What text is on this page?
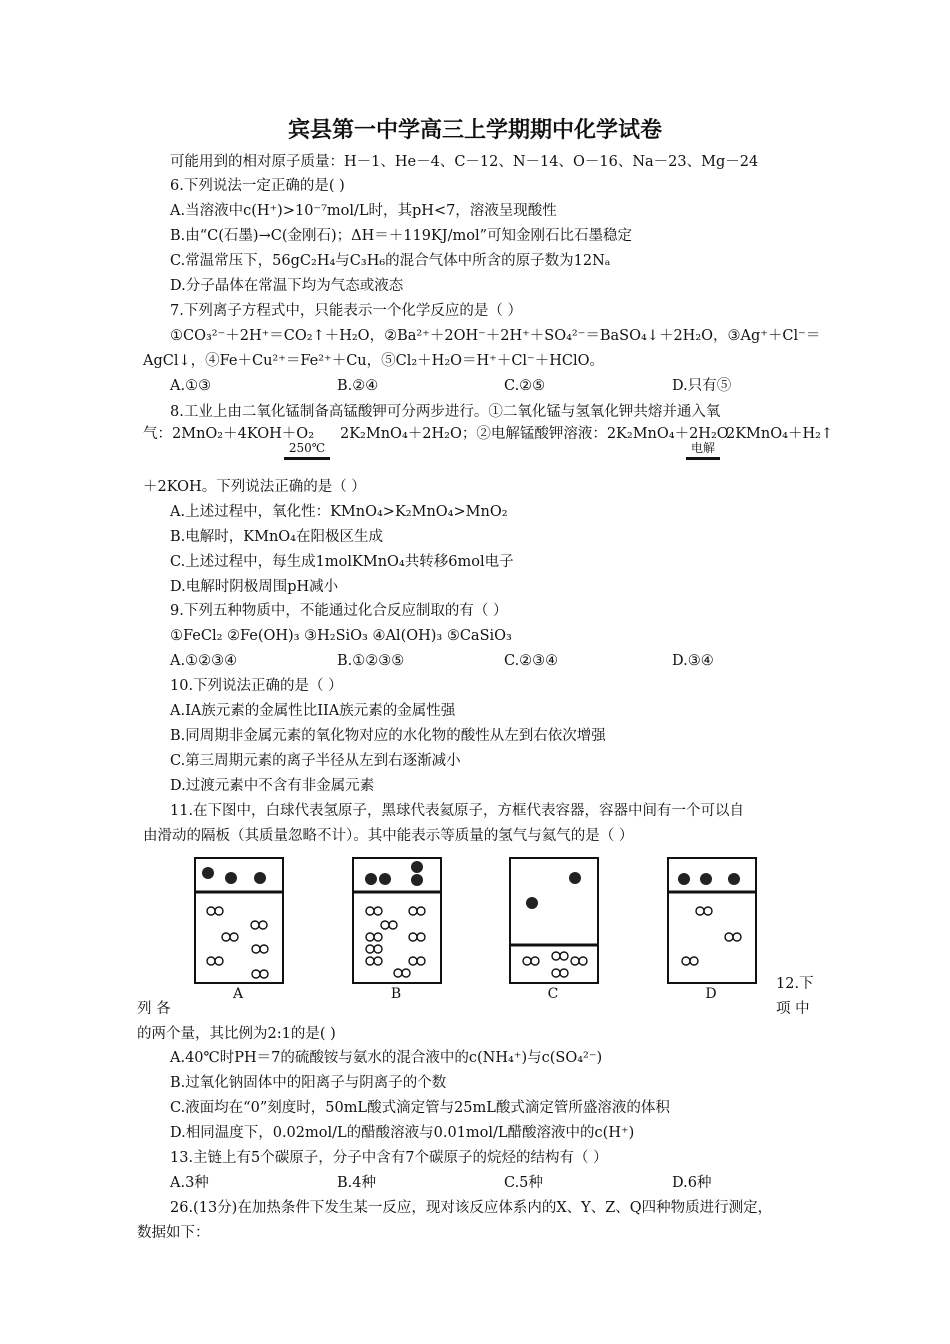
宾县第一中学高三上学期期中化学试卷
可能用到的相对原子质量：H－1、He－4、C－12、N－14、O－16、Na－23、Mg－24
6.下列说法一定正确的是( )
A.当溶液中c(H⁺)>10⁻⁷mol/L时，其pH<7，溶液呈现酸性
B.由“C(石墨)→C(金刚石)；ΔH＝＋119KJ/mol”可知金刚石比石墨稳定
C.常温常压下，56gC₂H₄与C₃H₆的混合气体中所含的原子数为12Nₐ
D.分子晶体在常温下均为气态或液态
7.下列离子方程式中，只能表示一个化学反应的是（ ）
①CO₃²⁻＋2H⁺＝CO₂↑＋H₂O，②Ba²⁺＋2OH⁻＋2H⁺＋SO₄²⁻＝BaSO₄↓＋2H₂O，③Ag⁺＋Cl⁻＝
AgCl↓，④Fe＋Cu²⁺＝Fe²⁺＋Cu，⑤Cl₂＋H₂O＝H⁺＋Cl⁻＋HClO。
A.①③	B.②④	C.②⑤	D.只有⑤
8.工业上由二氧化锰制备高锰酸钾可分两步进行。①二氧化锰与氢氧化钾共熔并通入氧
气：2MnO₂＋4KOH＋O₂
250℃
2K₂MnO₄＋2H₂O；②电解锰酸钾溶液：2K₂MnO₄＋2H₂O
电解
2KMnO₄＋H₂↑
＋2KOH。下列说法正确的是（ ）
A.上述过程中，氧化性：KMnO₄>K₂MnO₄>MnO₂
B.电解时，KMnO₄在阳极区生成
C.上述过程中，每生成1molKMnO₄共转移6mol电子
D.电解时阴极周围pH减小
9.下列五种物质中，不能通过化合反应制取的有（ ）
①FeCl₂ ②Fe(OH)₃ ③H₂SiO₃ ④Al(OH)₃ ⑤CaSiO₃
A.①②③④	B.①②③⑤	C.②③④	D.③④
10.下列说法正确的是（ ）
A.IA族元素的金属性比IIA族元素的金属性强
B.同周期非金属元素的氧化物对应的水化物的酸性从左到右依次增强
C.第三周期元素的离子半径从左到右逐渐减小
D.过渡元素中不含有非金属元素
11.在下图中，白球代表氢原子，黑球代表氦原子，方框代表容器，容器中间有一个可以自
由滑动的隔板（其质量忽略不计）。其中能表示等质量的氢气与氦气的是（ ）
A	B	C	D
12.下
项 中
列 各
的两个量，其比例为2:1的是( )
A.40℃时PH＝7的硫酸铵与氨水的混合液中的c(NH₄⁺)与c(SO₄²⁻)
B.过氧化钠固体中的阳离子与阴离子的个数
C.液面均在“0”刻度时，50mL酸式滴定管与25mL酸式滴定管所盛溶液的体积
D.相同温度下，0.02mol/L的醋酸溶液与0.01mol/L醋酸溶液中的c(H⁺)
13.主链上有5个碳原子，分子中含有7个碳原子的烷烃的结构有（ ）
A.3种	B.4种	C.5种	D.6种
26.(13分)在加热条件下发生某一反应，现对该反应体系内的X、Y、Z、Q四种物质进行测定，
数据如下：
